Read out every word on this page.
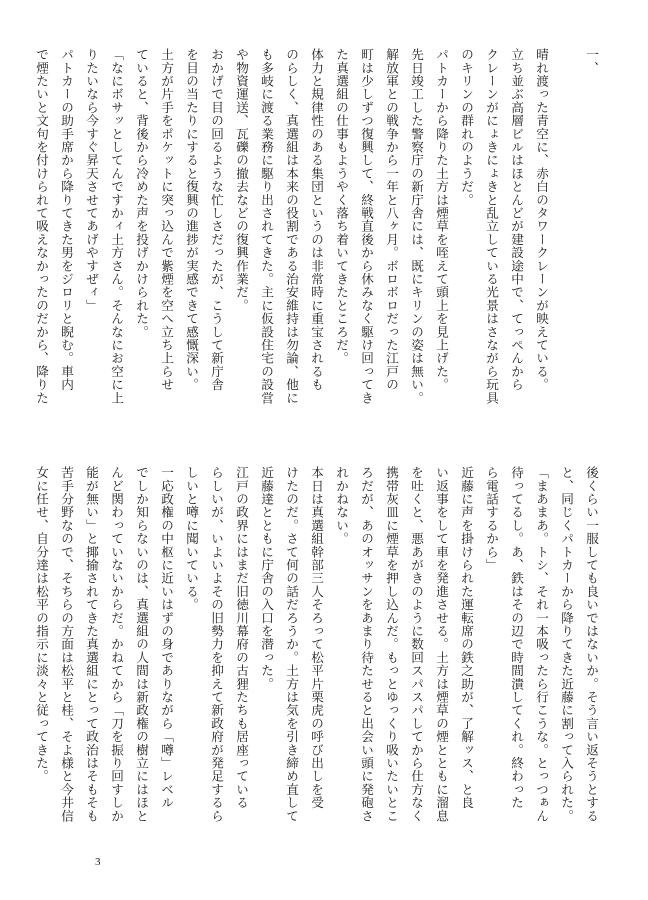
一、

晴れ渡った青空に、赤白のタワークレーンが映えている。
立ち並ぶ高層ビルはほとんどが建設途中で、てっぺんから
クレーンがにょきにょきと乱立している光景はさながら玩具
のキリンの群れのようだ。
パトカーから降りた土方は煙草を咥えて頭上を見上げた。
先日竣工した警察庁の新庁舎には、既にキリンの姿は無い。
解放軍との戦争から一年と八ヶ月。ボロボロだった江戸の
町は少しずつ復興して、終戦直後から休みなく駆け回ってき
た真選組の仕事もようやく落ち着いてきたところだ。
体力と規律性のある集団というのは非常時に重宝されるも
のらしく、真選組は本来の役割である治安維持は勿論、他に
も多岐に渡る業務に駆り出されてきた。主に仮設住宅の設営
や物資運送、瓦礫の撤去などの復興作業だ。
おかげで目の回るような忙しさだったが、こうして新庁舎
を目の当たりにすると復興の進捗が実感できて感慨深い。
土方が片手をポケットに突っ込んで紫煙を空へ立ち上らせ
ていると、背後から冷めた声を投げかけられた。
「なにボサッとしてんですかィ土方さん。そんなにお空に上
りたいなら今すぐ昇天させてあげやすぜィ」
パトカーの助手席から降りてきた男をジロリと睨む。車内
で煙たいと文句を付けられて吸えなかったのだから、降りた
後くらい一服しても良いではないか。そう言い返そうとする
と、同じくパトカーから降りてきた近藤に割って入られた。
「まあまあ。トシ、それ一本吸ったら行こうな。とっつぁん
待ってるし。あ、鉄はその辺で時間潰してくれ。終わった
ら電話するから」
近藤に声を掛けられた運転席の鉄之助が、了解ッス、と良
い返事をして車を発進させる。土方は煙草の煙とともに溜息
を吐くと、悪あがきのように数回スパスパしてから仕方なく
携帯灰皿に煙草を押し込んだ。もっとゆっくり吸いたいとこ
ろだが、あのオッサンをあまり待たせると出会い頭に発砲さ
れかねない。
本日は真選組幹部三人そろって松平片栗虎の呼び出しを受
けたのだ。さて何の話だろうか。土方は気を引き締め直して
近藤達とともに庁舎の入口を潜った。
江戸の政界にはまだ旧徳川幕府の古狸たちも居座っている
らしいが、いよいよその旧勢力を抑えて新政府が発足するら
しいと噂に聞いている。
一応政権の中枢に近いはずの身でありながら「噂」レベル
でしか知らないのは、真選組の人間は新政権の樹立にはほと
んど関わっていないからだ。かねてから「刀を振り回すしか
能が無い」と揶揄されてきた真選組にとって政治はそもそも
苦手分野なので、そちらの方面は松平と桂、そよ様と今井信
女に任せ、自分達は松平の指示に淡々と従ってきた。
3
